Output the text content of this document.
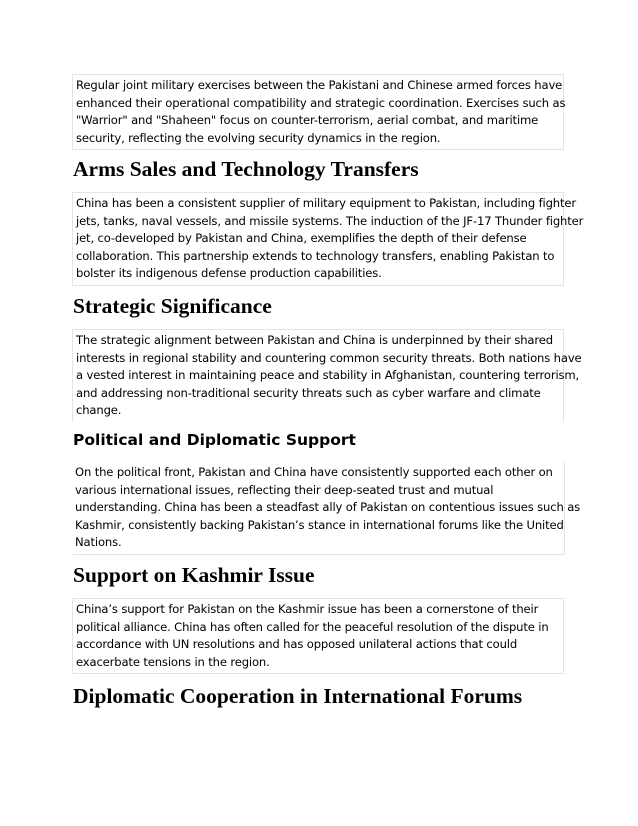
Regular joint military exercises between the Pakistani and Chinese armed forces have
enhanced their operational compatibility and strategic coordination. Exercises such as
"Warrior" and "Shaheen" focus on counter-terrorism, aerial combat, and maritime
security, reflecting the evolving security dynamics in the region.
Arms Sales and Technology Transfers
China has been a consistent supplier of military equipment to Pakistan, including fighter
jets, tanks, naval vessels, and missile systems. The induction of the JF-17 Thunder fighter
jet, co-developed by Pakistan and China, exemplifies the depth of their defense
collaboration. This partnership extends to technology transfers, enabling Pakistan to
bolster its indigenous defense production capabilities.
Strategic Significance
The strategic alignment between Pakistan and China is underpinned by their shared
interests in regional stability and countering common security threats. Both nations have
a vested interest in maintaining peace and stability in Afghanistan, countering terrorism,
and addressing non-traditional security threats such as cyber warfare and climate
change.
Political and Diplomatic Support
On the political front, Pakistan and China have consistently supported each other on
various international issues, reflecting their deep-seated trust and mutual
understanding. China has been a steadfast ally of Pakistan on contentious issues such as
Kashmir, consistently backing Pakistan’s stance in international forums like the United
Nations.
Support on Kashmir Issue
China’s support for Pakistan on the Kashmir issue has been a cornerstone of their
political alliance. China has often called for the peaceful resolution of the dispute in
accordance with UN resolutions and has opposed unilateral actions that could
exacerbate tensions in the region.
Diplomatic Cooperation in International Forums
